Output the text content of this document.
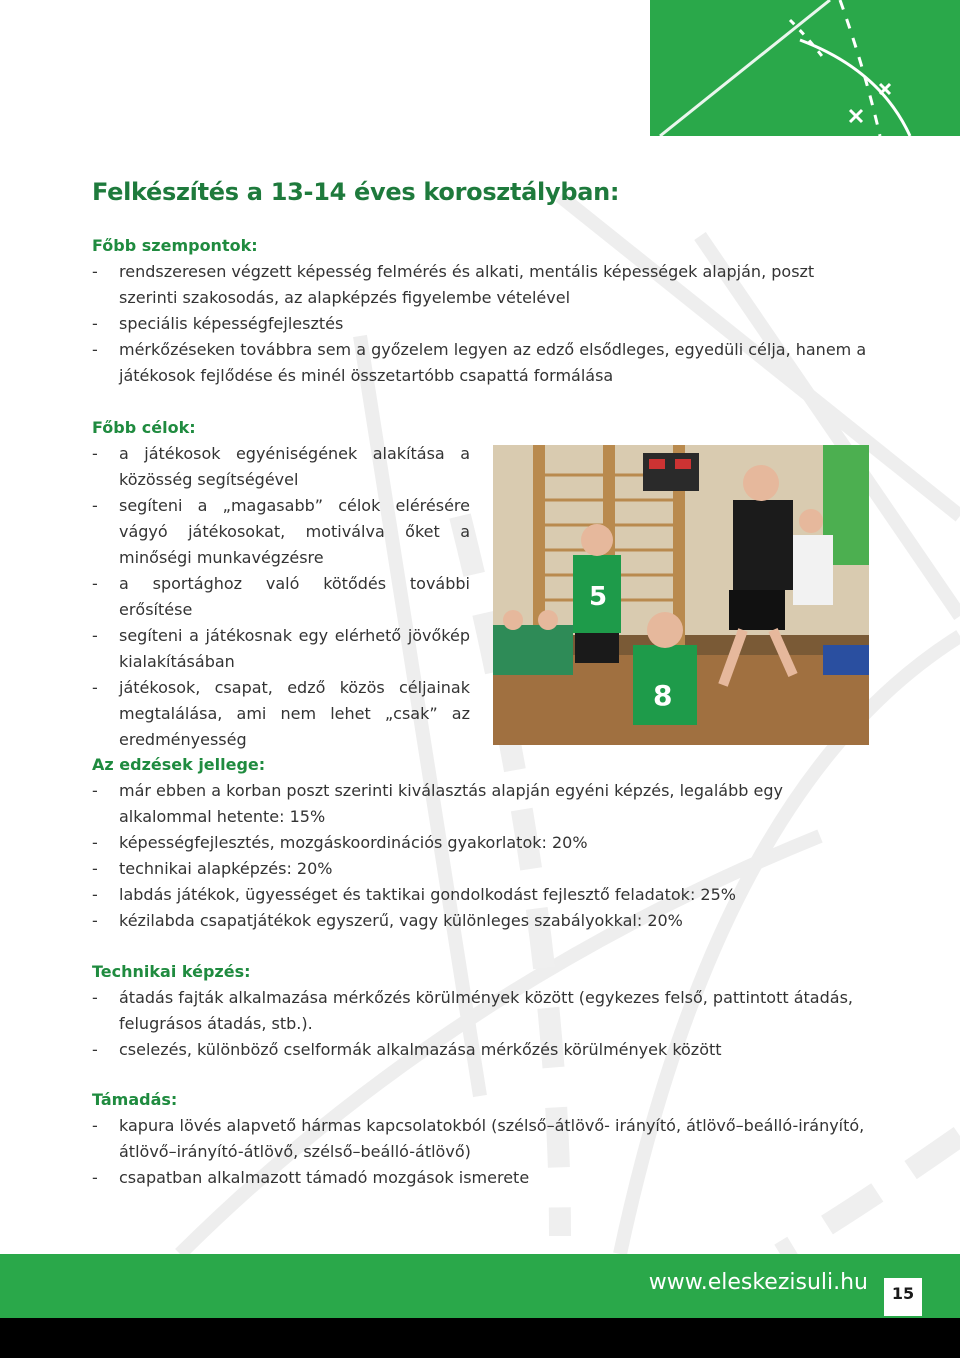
Felkészítés a 13-14 éves korosztályban:
Főbb szempontok:
- rendszeresen végzett képesség felmérés és alkati, mentális képességek alapján, poszt szerinti szakosodás, az alapképzés figyelembe vételével
- speciális képességfejlesztés
- mérkőzéseken továbbra sem a győzelem legyen az edző elsődleges, egyedüli célja, hanem a játékosok fejlődése és minél összetartóbb csapattá formálása
Főbb célok:
- a játékosok egyéniségének alakítása a közösség segítségével
- segíteni a „magasabb” célok elérésére vágyó játékosokat, motiválva őket a minőségi munkavégzésre
- a sportághoz való kötődés további erősítése
- segíteni a játékosnak egy elérhető jövőkép kialakításában
- játékosok, csapat, edző közös céljainak megtalálása, ami nem lehet „csak” az eredményesség
5
8
Az edzések jellege:
- már ebben a korban poszt szerinti kiválasztás alapján egyéni képzés, legalább egy alkalommal hetente: 15%
- képességfejlesztés, mozgáskoordinációs gyakorlatok: 20%
- technikai alapképzés: 20%
- labdás játékok, ügyességet és taktikai gondolkodást fejlesztő feladatok: 25%
- kézilabda csapatjátékok egyszerű, vagy különleges szabályokkal: 20%
Technikai képzés:
- átadás fajták alkalmazása mérkőzés körülmények között (egykezes felső, pattintott átadás, felugrásos átadás, stb.).
- cselezés, különböző cselformák alkalmazása mérkőzés körülmények között
Támadás:
- kapura lövés alapvető hármas kapcsolatokból (szélső–átlövő- irányító, átlövő–beálló-irányító, átlövő–irányító-átlövő, szélső–beálló-átlövő)
- csapatban alkalmazott támadó mozgások ismerete
www.eleskezisuli.hu	15
